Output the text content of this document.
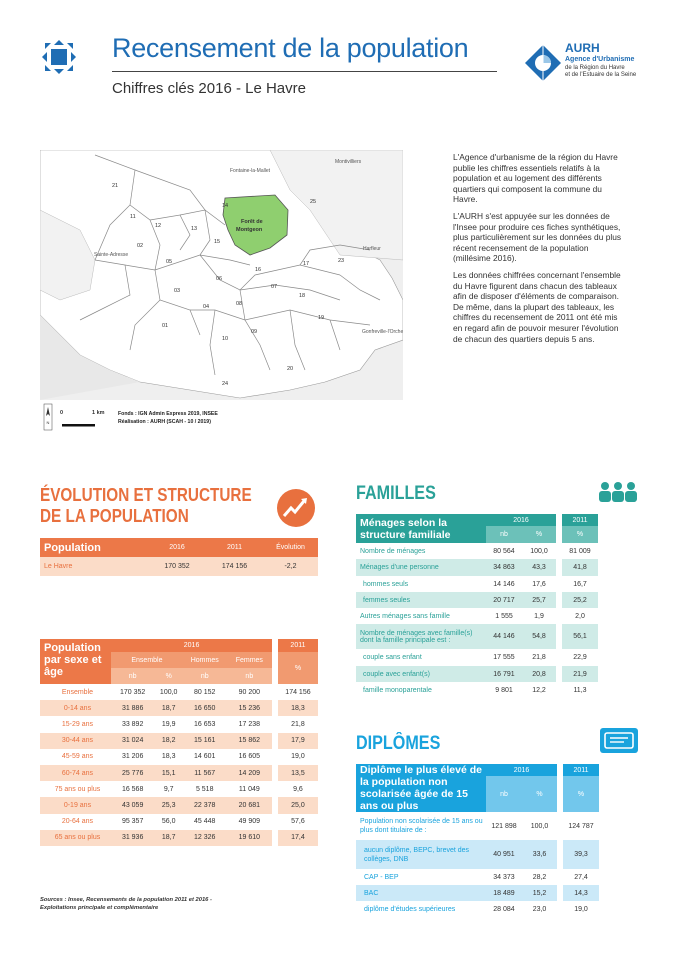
Recensement de la population
Chiffres clés 2016 - Le Havre
AURH
Agence d'Urbanisme
de la Région du Havre
et de l'Estuaire de la Seine
Fontaine-la-Mallet
Montivilliers
Sainte-Adresse
Harfleur
Gonfreville-l'Orcher
Forêt de
Montgeon
21
14
25
11
12	13
15
02
05	17	23
16
03
06
07
18
04	08
19
01
10
09
20
24
N
0	1 km	Fonds : IGN Admin Express 2019, INSEE
Réalisation : AURH (SCAH - 10 / 2019)

L'Agence d'urbanisme de la région du Havre publie les chiffres essentiels relatifs à la population et au logement des différents quartiers qui composent la commune du Havre.

L'AURH s'est appuyée sur les données de l'Insee pour produire ces fiches synthétiques, plus particulièrement sur les données du plus récent recensement de la population (millésime 2016).

Les données chiffrées concernant l'ensemble du Havre figurent dans chacun des tableaux afin de disposer d'éléments de comparaison. De même, dans la plupart des tableaux, les chiffres du recensement de 2011 ont été mis en regard afin de pouvoir mesurer l'évolution de chacun des quartiers depuis 5 ans.

ÉVOLUTION ET STRUCTURE
DE LA POPULATION
Population	2016	2011	Évolution
Le Havre	170 352	174 156	-2,2
Population par sexe et âge	2016					2011
	Ensemble		Hommes	Femmes		%
	nb	%	nb	nb		
Ensemble	170 352	100,0	80 152	90 200		174 156
0-14 ans	31 886	18,7	16 650	15 236		18,3
15-29 ans	33 892	19,9	16 653	17 238		21,8
30-44 ans	31 024	18,2	15 161	15 862		17,9
45-59 ans	31 206	18,3	14 601	16 605		19,0
60-74 ans	25 776	15,1	11 567	14 209		13,5
75 ans ou plus	16 568	9,7	5 518	11 049		9,6
0-19 ans	43 059	25,3	22 378	20 681		25,0
20-64 ans	95 357	56,0	45 448	49 909		57,6
65 ans ou plus	31 936	18,7	12 326	19 610		17,4
Sources : Insee, Recensements de la population 2011 et 2016 -
Exploitations principale et complémentaire
FAMILLES
Ménages selon la structure familiale	2016			2011
	nb	%		%
Nombre de ménages	80 564	100,0		81 009
Ménages d'une personne	34 863	43,3		41,8
hommes seuls	14 146	17,6		16,7
femmes seules	20 717	25,7		25,2
Autres ménages sans famille	1 555	1,9		2,0
Nombre de ménages avec famille(s) dont la famille principale est :	44 146	54,8		56,1
couple sans enfant	17 555	21,8		22,9
couple avec enfant(s)	16 791	20,8		21,9
famille monoparentale	9 801	12,2		11,3
DIPLÔMES
Diplôme le plus élevé de la population non scolarisée âgée de 15 ans ou plus	2016			2011
	nb	%		%
Population non scolarisée de 15 ans ou plus dont titulaire de :	121 898	100,0		124 787
aucun diplôme, BEPC, brevet des collèges, DNB	40 951	33,6		39,3
CAP - BEP	34 373	28,2		27,4
BAC	18 489	15,2		14,3
diplôme d'études supérieures	28 084	23,0		19,0
